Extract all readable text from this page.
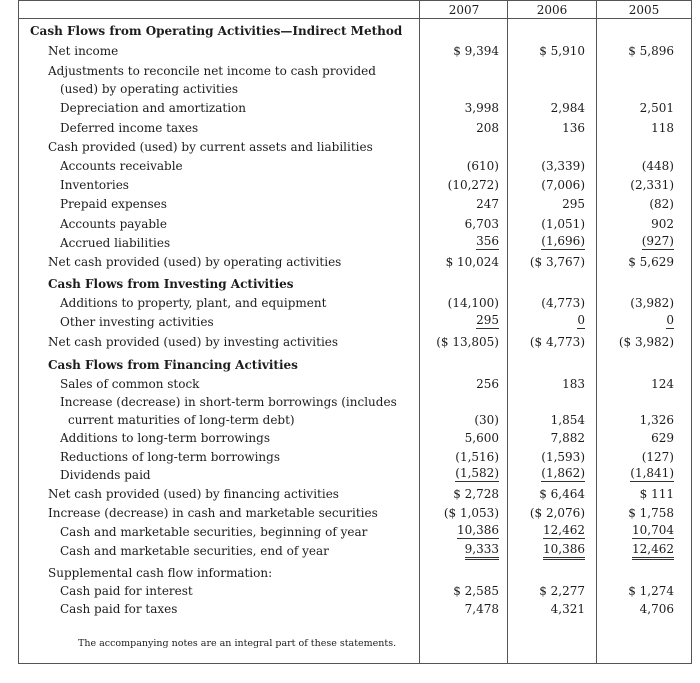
2007	2006	2005
Cash Flows from Operating Activities—Indirect Method
Net income	$ 9,394	$ 5,910	$ 5,896
Adjustments to reconcile net income to cash provided
(used) by operating activities
Depreciation and amortization	3,998	2,984	2,501
Deferred income taxes	208	136	118
Cash provided (used) by current assets and liabilities
Accounts receivable	(610)	(3,339)	(448)
Inventories	(10,272)	(7,006)	(2,331)
Prepaid expenses	247	295	(82)
Accounts payable	6,703	(1,051)	902
Accrued liabilities	356	(1,696)	(927)
Net cash provided (used) by operating activities	$ 10,024	($ 3,767)	$ 5,629
Cash Flows from Investing Activities
Additions to property, plant, and equipment	(14,100)	(4,773)	(3,982)
Other investing activities	295	0	0
Net cash provided (used) by investing activities	($ 13,805)	($ 4,773)	($ 3,982)
Cash Flows from Financing Activities
Sales of common stock	256	183	124
Increase (decrease) in short-term borrowings (includes
current maturities of long-term debt)	(30)	1,854	1,326
Additions to long-term borrowings	5,600	7,882	629
Reductions of long-term borrowings	(1,516)	(1,593)	(127)
Dividends paid	(1,582)	(1,862)	(1,841)
Net cash provided (used) by financing activities	$ 2,728	$ 6,464	$ 111
Increase (decrease) in cash and marketable securities	($ 1,053)	($ 2,076)	$ 1,758
Cash and marketable securities, beginning of year	10,386	12,462	10,704
Cash and marketable securities, end of year	9,333	10,386	12,462
Supplemental cash flow information:
Cash paid for interest	$ 2,585	$ 2,277	$ 1,274
Cash paid for taxes	7,478	4,321	4,706
The accompanying notes are an integral part of these statements.
